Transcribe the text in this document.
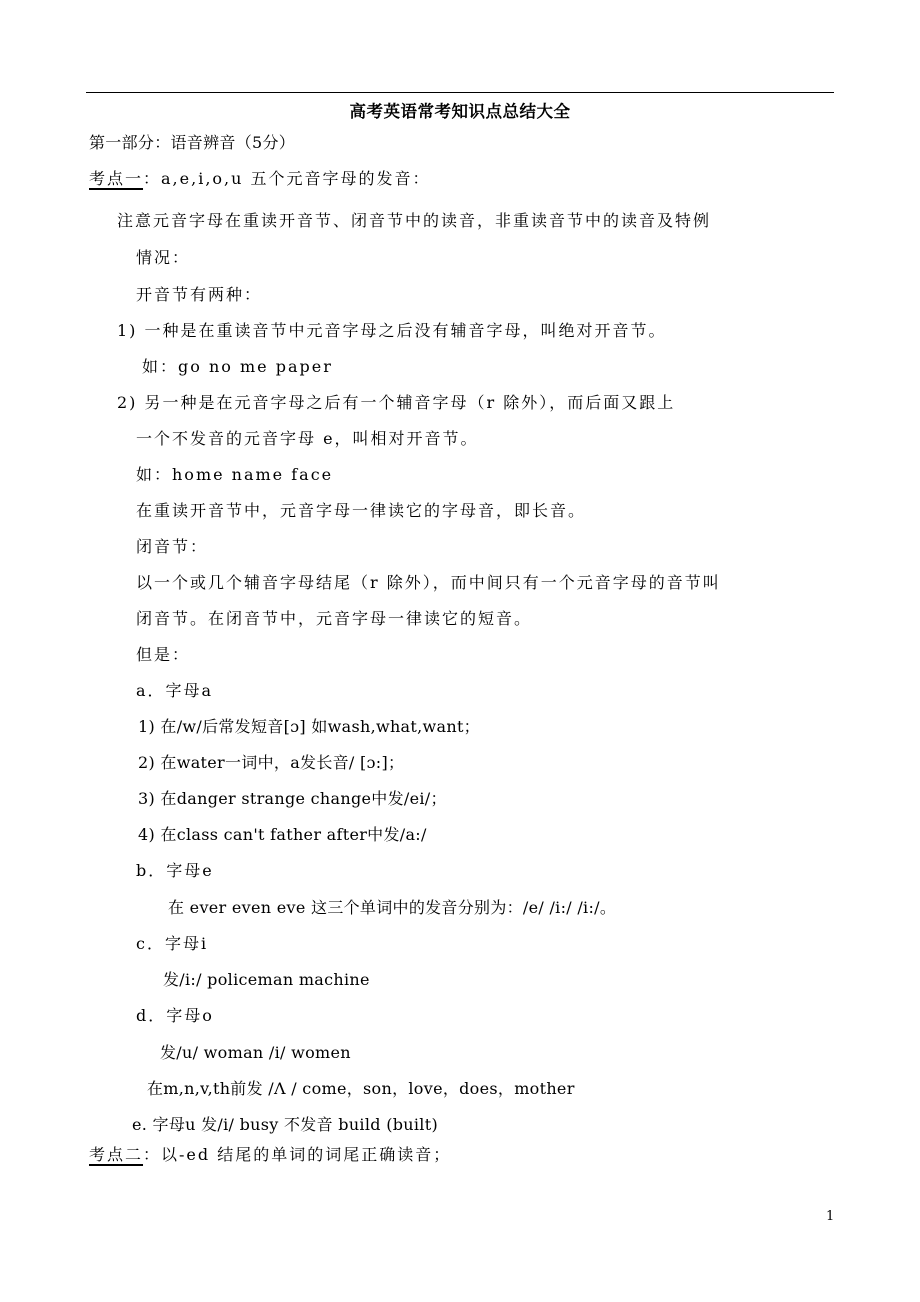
高考英语常考知识点总结大全
第一部分：语音辨音（5分）
考点一：a,e,i,o,u 五个元音字母的发音：
注意元音字母在重读开音节、闭音节中的读音，非重读音节中的读音及特例
情况：
开音节有两种：
1) 一种是在重读音节中元音字母之后没有辅音字母，叫绝对开音节。
如：go no me paper
2) 另一种是在元音字母之后有一个辅音字母（r 除外），而后面又跟上
一个不发音的元音字母 e，叫相对开音节。
如：home name face
在重读开音节中，元音字母一律读它的字母音，即长音。
闭音节：
以一个或几个辅音字母结尾（r 除外），而中间只有一个元音字母的音节叫
闭音节。在闭音节中，元音字母一律读它的短音。
但是：
a．字母a
1) 在/w/后常发短音[ɔ] 如wash,what,want；
2) 在water一词中，a发长音/ [ɔ:]；
3) 在danger strange change中发/ei/；
4) 在class can't father after中发/a:/
b．字母e
在 ever even eve 这三个单词中的发音分别为：/e/ /i:/ /i:/。
c．字母i
发/i:/ policeman machine
d．字母o
发/u/ woman /i/ women
在m,n,v,th前发 /Λ / come，son，love，does，mother
e. 字母u 发/i/ busy 不发音 build (built)
考点二：以-ed 结尾的单词的词尾正确读音；
1
